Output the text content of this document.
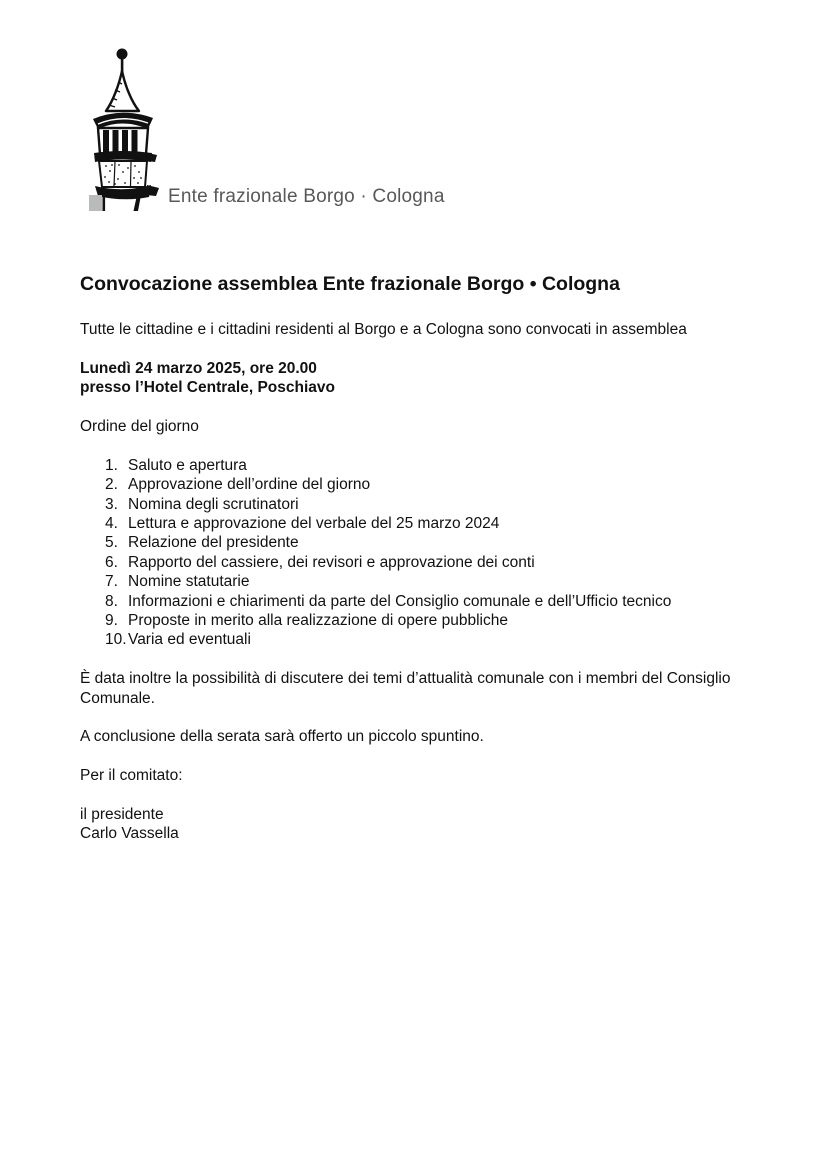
Ente frazionale Borgo · Cologna
Convocazione assemblea Ente frazionale Borgo • Cologna

Tutte le cittadine e i cittadini residenti al Borgo e a Cologna sono convocati in assemblea

Lunedì 24 marzo 2025, ore 20.00
presso l’Hotel Centrale, Poschiavo

Ordine del giorno

1. Saluto e apertura
2. Approvazione dell’ordine del giorno
3. Nomina degli scrutinatori
4. Lettura e approvazione del verbale del 25 marzo 2024
5. Relazione del presidente
6. Rapporto del cassiere, dei revisori e approvazione dei conti
7. Nomine statutarie
8. Informazioni e chiarimenti da parte del Consiglio comunale e dell’Ufficio tecnico
9. Proposte in merito alla realizzazione di opere pubbliche
10. Varia ed eventuali

È data inoltre la possibilità di discutere dei temi d’attualità comunale con i membri del Consiglio Comunale.

A conclusione della serata sarà offerto un piccolo spuntino.

Per il comitato:

il presidente

Carlo Vassella
